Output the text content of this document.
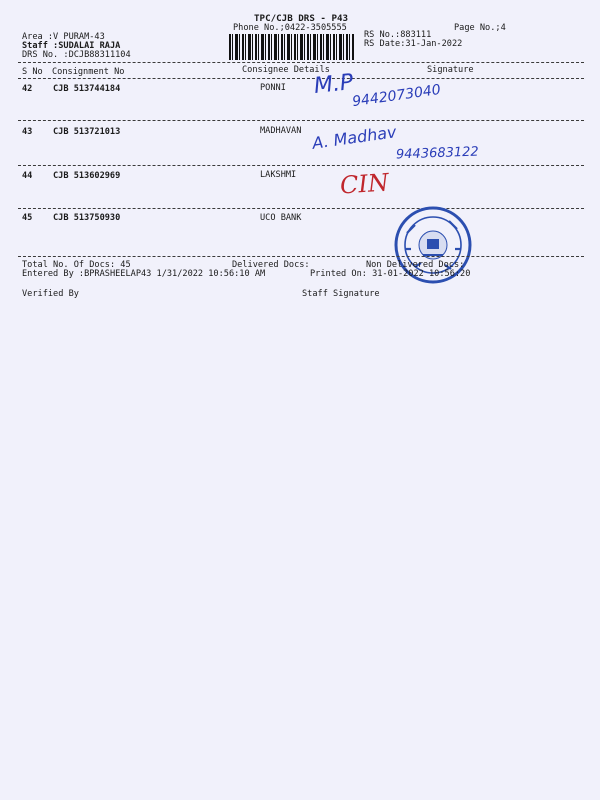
TPC/CJB DRS - P43
Phone No.;0422-3505555	Page No.;4
Area :V PURAM-43
Staff :SUDALAI RAJA
DRS No. :DCJB88311104
RS No.:883111
RS Date:31-Jan-2022
S No Consignment No	Consignee Details	Signature
42 CJB 513744184	PONNI M.P
9442073040
43 CJB 513721013	MADHAVAN A. Madhav
9443683122
44 CJB 513602969	LAKSHMI CIN
45 CJB 513750930	UCO BANK
Total No. Of Docs: 45	Delivered Docs:	Non Delivered Docs:
Entered By :BPRASHEELAP43 1/31/2022 10:56:10 AM	Printed On: 31-01-2022 10:56:20
Verified By	Staff Signature
